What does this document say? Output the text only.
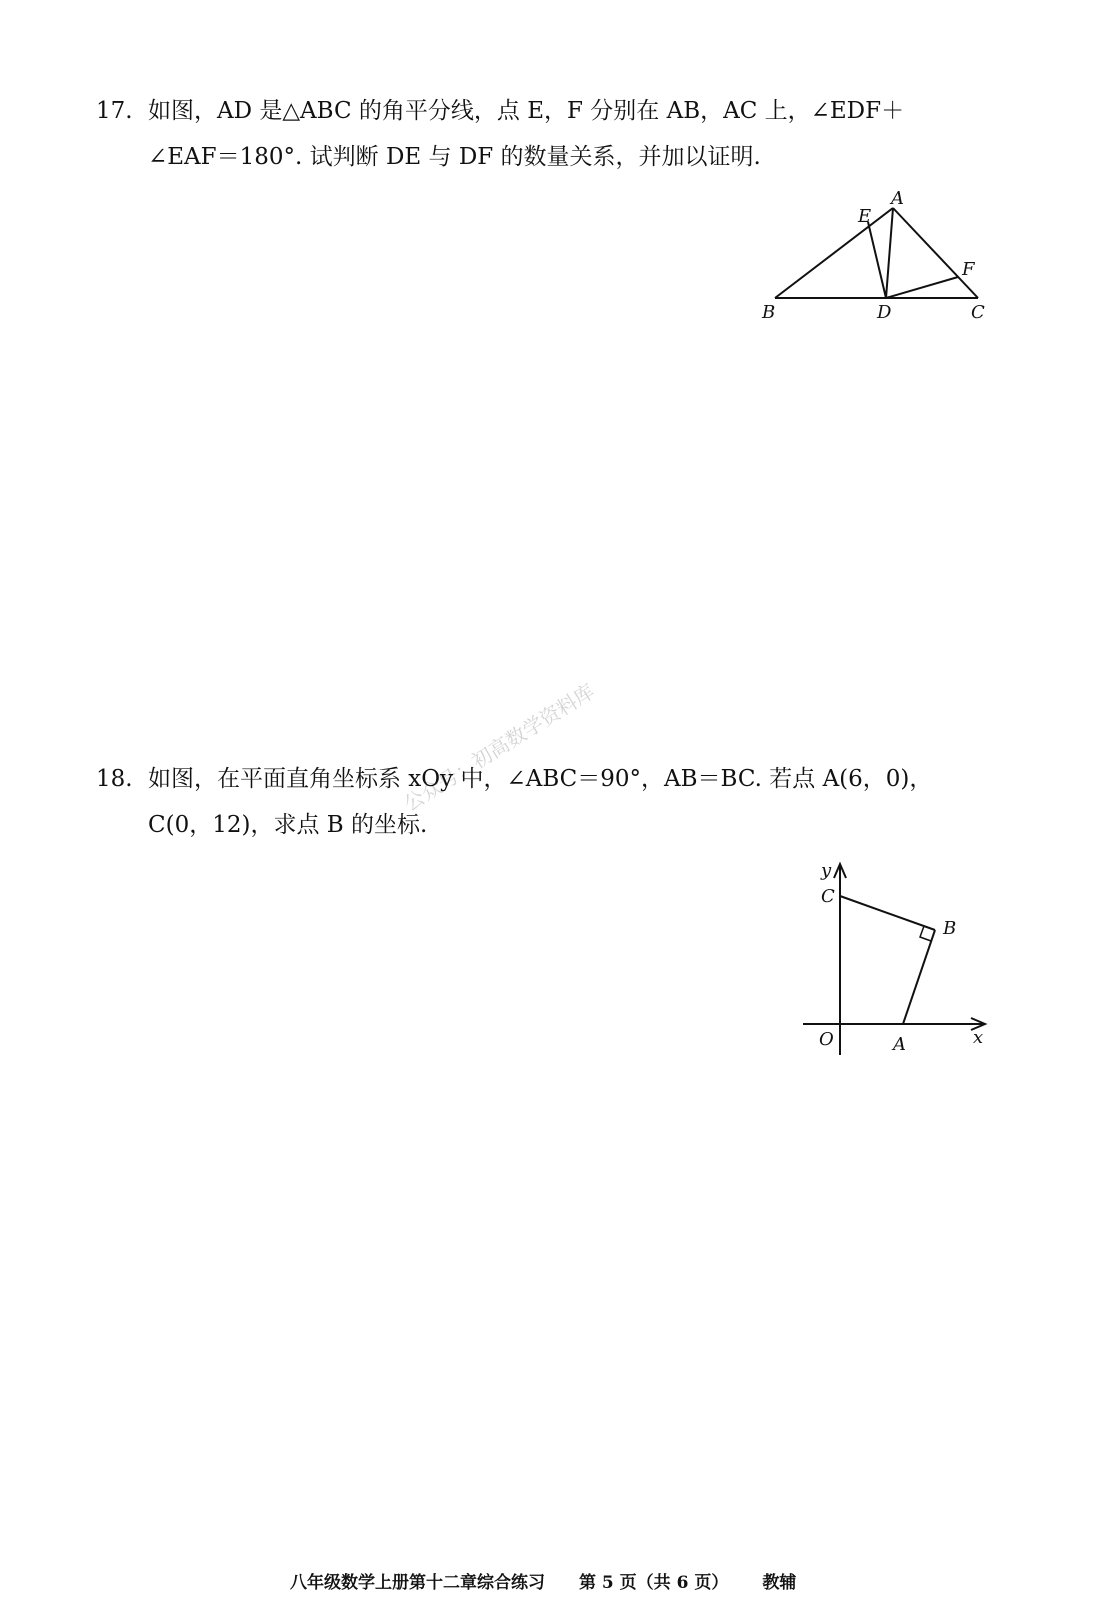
17. 如图，AD 是△ABC 的角平分线，点 E，F 分别在 AB，AC 上，∠EDF＋
∠EAF＝180°. 试判断 DE 与 DF 的数量关系，并加以证明.
A
E
F
B	D	C
公众号：初高数学资料库
18. 如图，在平面直角坐标系 xOy 中，∠ABC＝90°，AB＝BC. 若点 A(6，0)，
C(0，12)，求点 B 的坐标.
y
C
B
O	A	x
八年级数学上册第十二章综合练习 第 5 页（共 6 页） 教辅
